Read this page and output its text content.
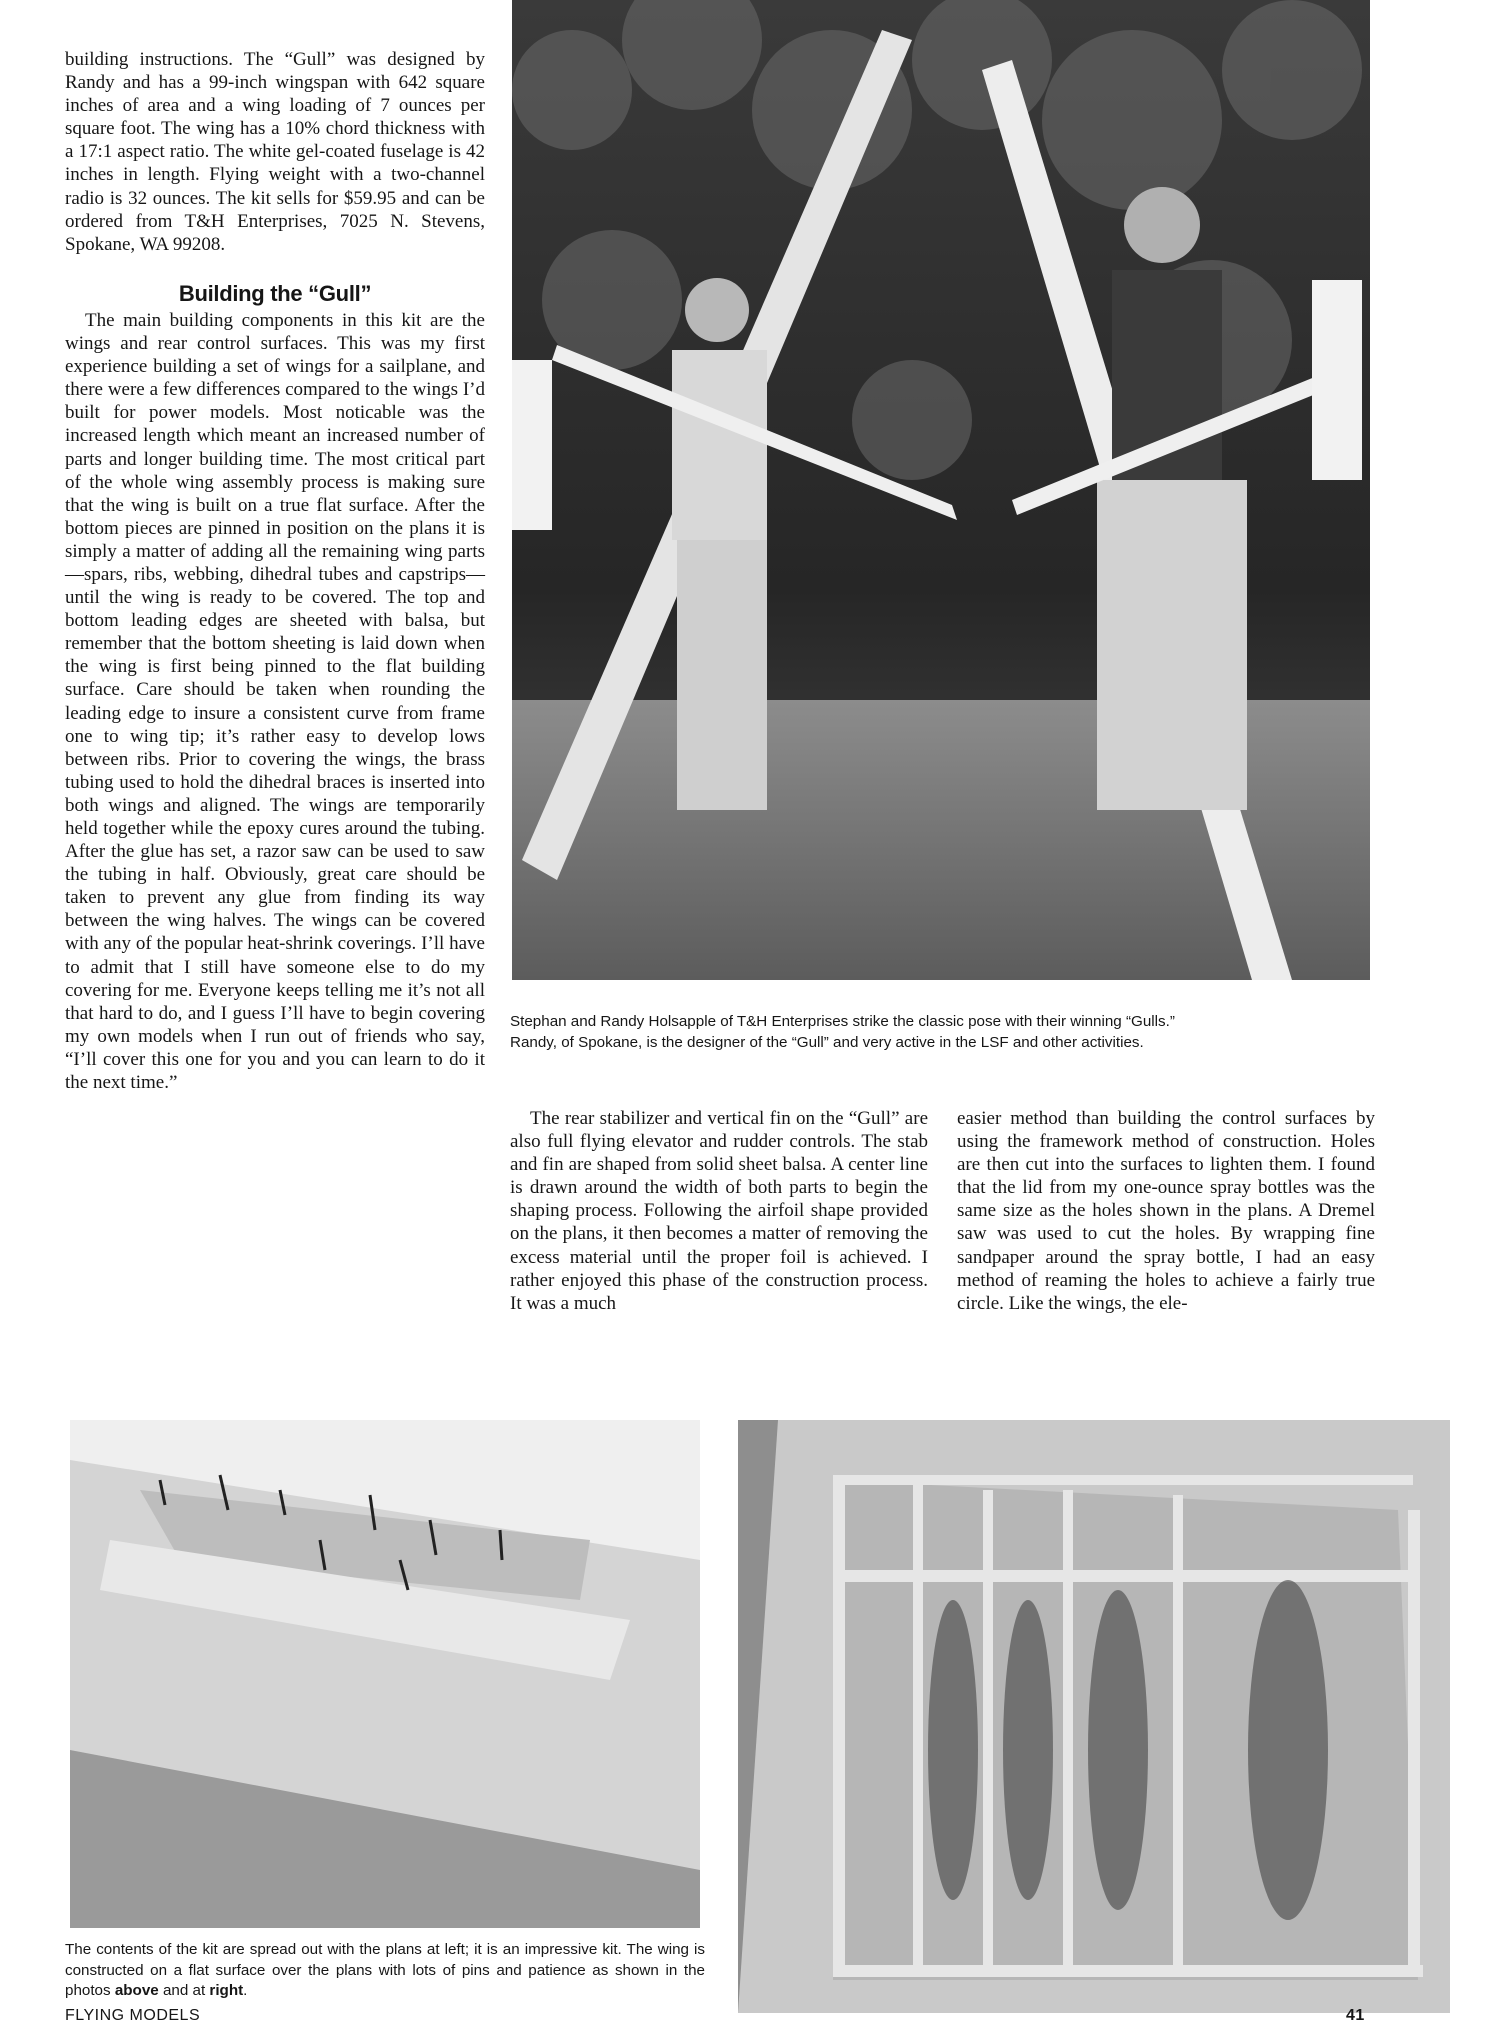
building instructions. The “Gull” was designed by Randy and has a 99-inch wingspan with 642 square inches of area and a wing loading of 7 ounces per square foot. The wing has a 10% chord thickness with a 17:1 aspect ratio. The white gel-coated fuselage is 42 inches in length. Flying weight with a two-channel radio is 32 ounces. The kit sells for $59.95 and can be ordered from T&H Enterprises, 7025 N. Stevens, Spokane, WA 99208.

Building the “Gull”

The main building components in this kit are the wings and rear control surfaces. This was my first experience building a set of wings for a sailplane, and there were a few differences compared to the wings I’d built for power models. Most noticable was the increased length which meant an increased number of parts and longer building time. The most critical part of the whole wing assembly process is making sure that the wing is built on a true flat surface. After the bottom pieces are pinned in position on the plans it is simply a matter of adding all the remaining wing parts—spars, ribs, webbing, dihedral tubes and capstrips—until the wing is ready to be covered. The top and bottom leading edges are sheeted with balsa, but remember that the bottom sheeting is laid down when the wing is first being pinned to the flat building surface. Care should be taken when rounding the leading edge to insure a consistent curve from frame one to wing tip; it’s rather easy to develop lows between ribs. Prior to covering the wings, the brass tubing used to hold the dihedral braces is inserted into both wings and aligned. The wings are temporarily held together while the epoxy cures around the tubing. After the glue has set, a razor saw can be used to saw the tubing in half. Obviously, great care should be taken to prevent any glue from finding its way between the wing halves. The wings can be covered with any of the popular heat-shrink coverings. I’ll have to admit that I still have someone else to do my covering for me. Everyone keeps telling me it’s not all that hard to do, and I guess I’ll have to begin covering my own models when I run out of friends who say, “I’ll cover this one for you and you can learn to do it the next time.”

Stephan and Randy Holsapple of T&H Enterprises strike the classic pose with their winning “Gulls.”
Randy, of Spokane, is the designer of the “Gull” and very active in the LSF and other activities.

The rear stabilizer and vertical fin on the “Gull” are also full flying elevator and rudder controls. The stab and fin are shaped from solid sheet balsa. A center line is drawn around the width of both parts to begin the shaping process. Following the airfoil shape provided on the plans, it then becomes a matter of removing the excess material until the proper foil is achieved. I rather enjoyed this phase of the construction process. It was a much

easier method than building the control surfaces by using the framework method of construction. Holes are then cut into the surfaces to lighten them. I found that the lid from my one-ounce spray bottles was the same size as the holes shown in the plans. A Dremel saw was used to cut the holes. By wrapping fine sandpaper around the spray bottle, I had an easy method of reaming the holes to achieve a fairly true circle. Like the wings, the ele-

The contents of the kit are spread out with the plans at left; it is an impressive kit. The wing is constructed on a flat surface over the plans with lots of pins and patience as shown in the photos above and at right.
FLYING MODELS	41
